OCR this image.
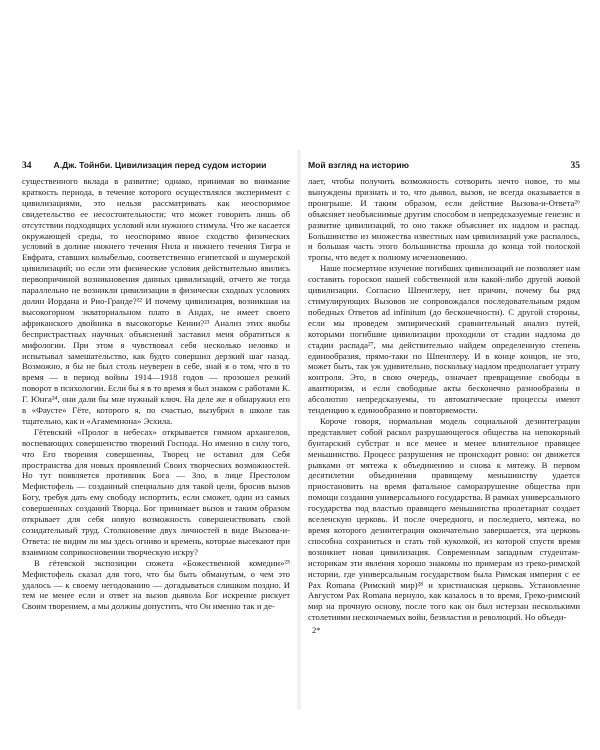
34	А.Дж. Тойнби. Цивилизация перед судом истории

существенного вклада в развитие; однако, принимая во внимание краткость периода, в течение которого осуществлялся эксперимент с цивилизациями, это нельзя рассматривать как неоспоримое свидетельство ее несостоятельности; что может говорить лишь об отсутствии подходящих условий или нужного стимула. Что же касается окружающей среды, то неоспоримо явное сходство физических условий в долине нижнего течения Нила и нижнего течения Тигра и Евфрата, ставших колыбелью, соответственно египетской и шумерской цивилизаций; но если эти физические условия действительно явились первопричиной возникновения данных цивилизаций, отчего же тогда параллельно не возникли цивилизации в физически сходных условиях долин Иордана и Рио-Гранде?²² И почему цивилизация, возникшая на высокогорном экваториальном плато в Андах, не имеет своего африканского двойника в высокогорье Кении?²³ Анализ этих якобы беспристрастных научных объяснений заставил меня обратиться к мифологии. При этом я чувствовал себя несколько неловко и испытывал замешательство, как будто совершил дерзкий шаг назад. Возможно, я бы не был столь неуверен в себе, знай я о том, что в то время — в период войны 1914—1918 годов — прозошел резкий поворот в психологии. Если бы я в то время я был знаком с работами К. Г. Юнга²⁴, они дали бы мне нужный ключ. На деле же я обнаружил его в «Фаусте» Гёте, которого я, по счастью, вызубрил в школе так тщательно, как и «Агамемнона» Эсхила.

Гётевский «Пролог в небесах» открывается гимном архангелов, воспевающих совершенство творений Господа. Но именно в силу того, что Его творения совершенны, Творец не оставил для Себя пространства для новых проявлений Своих творческих возможностей. Но тут появляется противник Бога — Зло, в лице Престолом Мефистофель — созданный специально для такой цели, бросив вызов Богу, требуя дать ему свободу испортить, если сможет, один из самых совершенных созданий Творца. Бог принимает вызов и таким образом открывает для себя новую возможность совершенствовать свой созидательный труд. Столкновение двух личностей в виде Вызова-и-Ответа: не видим ли мы здесь огниво и кремень, которые высекают при взаимном соприкосновении творческую искру?

В гётевской экспозиции сюжета «Божественной комедии»²⁵ Мефистофель сказал для того, что бы быть обманутым, о чем это удалось — к своему негодованию — догадываться слишком поздно. И тем не менее если и ответ на вызов дьявола Бог искренне рискует Своим творением, а мы должны допустить, что Он именно так и де-

35
Мой взгляд на историю

лает, чтобы получить возможность сотворить нечто новое, то мы вынуждены признать и то, что дьявол, вызов, не всегда оказывается в проигрыше. И таким образом, если действие Вызова-и-Ответа²⁶ объясняет необъяснимые другим способом и непредсказуемые генезис и развитие цивилизаций, то оно также объясняет их надлом и распад. Большинство из множества известных нам цивилизаций уже распалось, и большая часть этого большинства прошла до конца той полоской тропы, что ведет к полному исчезновению.

Наше посмертное изучение погибших цивилизаций не позволяет нам составить гороскоп нашей собственной или какой-либо другой живой цивилизации. Согласно Шпенглеру, нет причин, почему бы ряд стимулирующих Вызовов не сопровождался последовательным рядом победных Ответов ad infinitum (до бесконечности). С другой стороны, если мы проведем эмпирический сравнительный анализ путей, которыми погибшие цивилизации проходили от стадии надлома до стадии распада²⁷, мы действительно найдем определенную степень единообразия, прямо-таки по Шпенглеру. И в конце концов, не это, может быть, так уж удивительно, поскольку надлом предполагает утрату контроля. Это, в свою очередь, означает превращение свободы в авантюризм, и если свободные акты бесконечно разнообразны и абсолютно непредсказуемы, то автоматические процессы имеют тенденцию к единообразию и повторяемости.

Короче говоря, нормальная модель социальной дезинтеграции представляет собой раскол разрушающегося общества на непокорный бунтарский субстрат и все менее и менее влиятельное правящее меньшинство. Процесс разрушения не происходит ровно: он движется рывками от мятежа к объединению и снова к мятежу. В первом десятилетии объединения правящему меньшинству удается приостановить на время фатальное саморазрушение общества при помощи создания универсального государства. В рамках универсального государства под властью правящего меньшинства пролетариат создает вселенскую церковь. И после очередного, и последнего, мятежа, во время которого дезинтеграция окончательно завершается, эта церковь способна сохраниться и стать той куколкой, из которой спустя время возникнет новая цивилизация. Современным западным студентам-историкам эти явления хорошо знакомы по примерам из греко-римской истории, где универсальным государством была Римская империя с ее Pax Romana (Римский мир)²⁸ и христианская церковь. Установление Августом Pax Romana вернуло, как казалось в то время, Греко-римский мир на прочную основу, после того как он был истерзан несколькими столетиями нескончаемых войн, безвластия и революций. Но объеди-

2*
